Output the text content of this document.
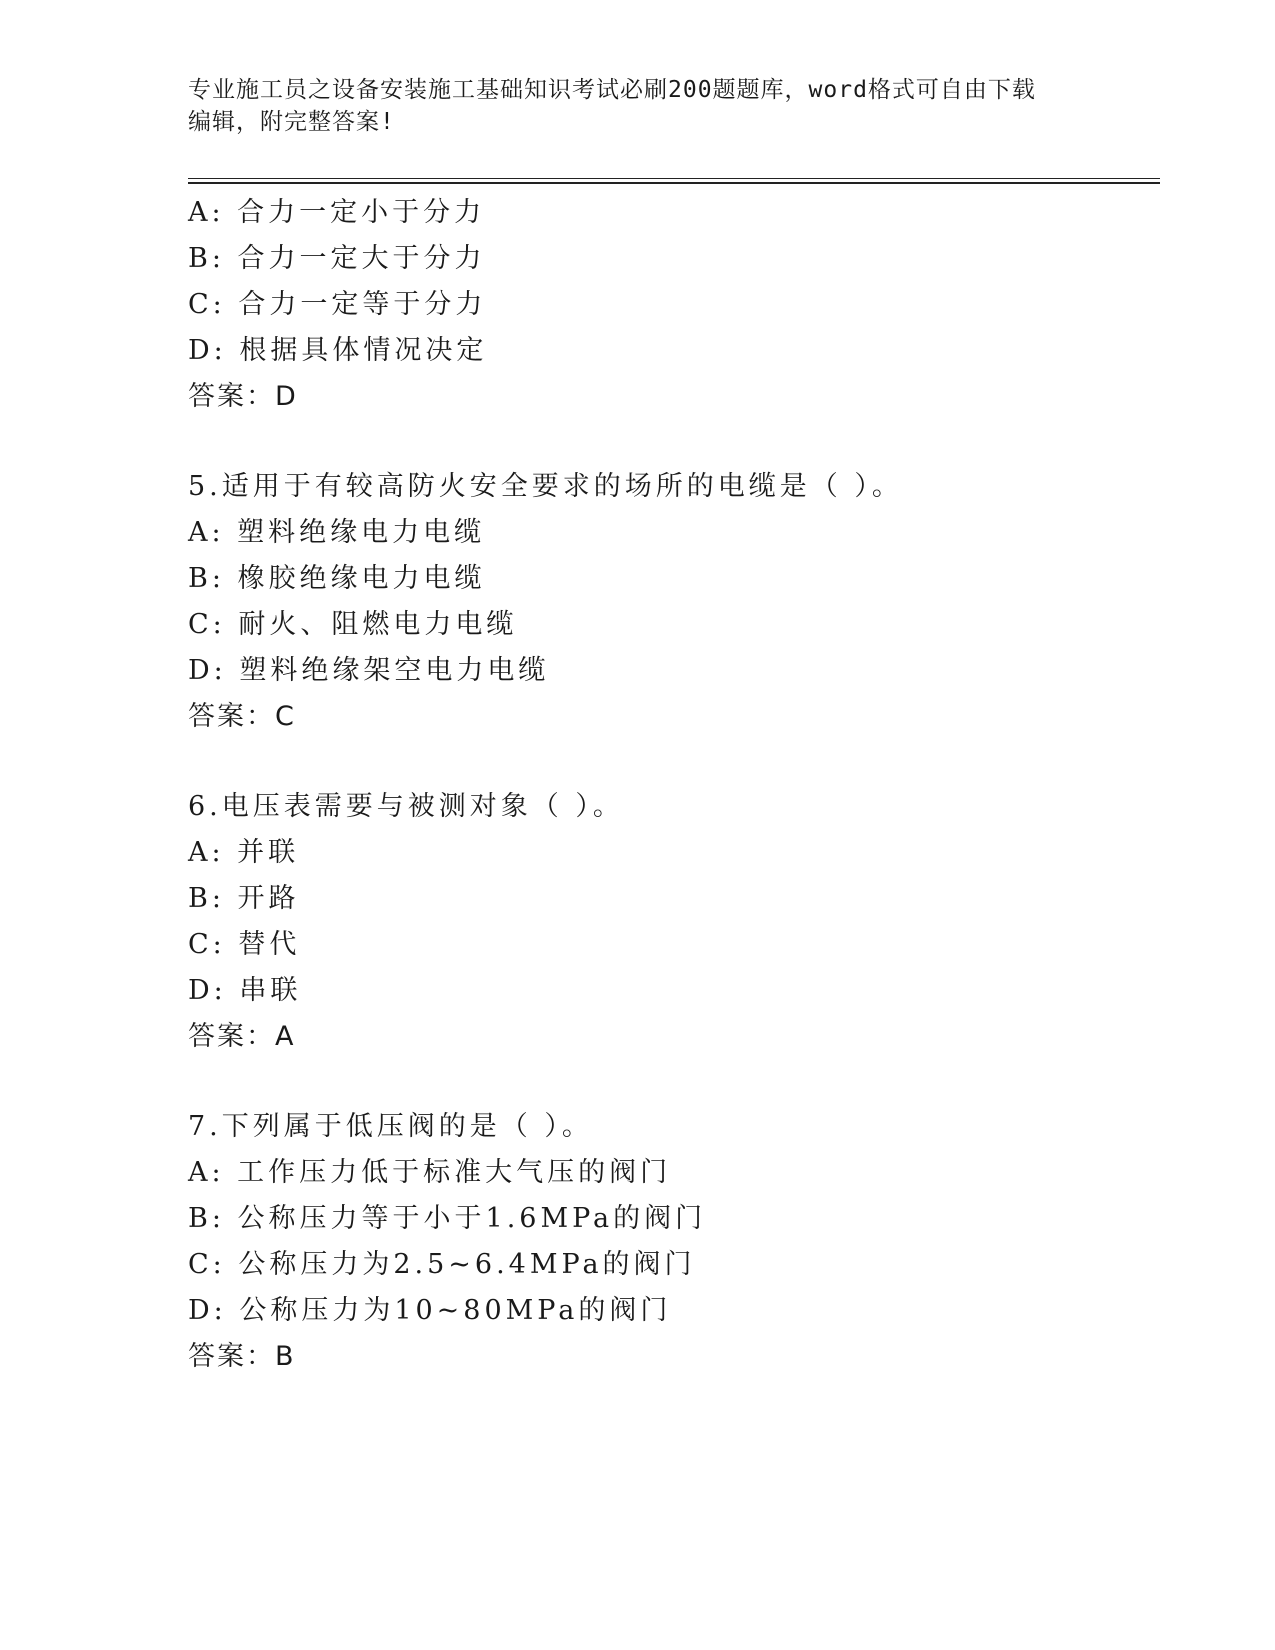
专业施工员之设备安装施工基础知识考试必刷200题题库，word格式可自由下载
编辑，附完整答案!
A: 合力一定小于分力
B: 合力一定大于分力
C: 合力一定等于分力
D: 根据具体情况决定
答案：D
5.适用于有较高防火安全要求的场所的电缆是（ ）。
A: 塑料绝缘电力电缆
B: 橡胶绝缘电力电缆
C: 耐火、阻燃电力电缆
D: 塑料绝缘架空电力电缆
答案：C
6.电压表需要与被测对象（ ）。
A: 并联
B: 开路
C: 替代
D: 串联
答案：A
7.下列属于低压阀的是（ ）。
A: 工作压力低于标准大气压的阀门
B: 公称压力等于小于1.6MPa的阀门
C: 公称压力为2.5~6.4MPa的阀门
D: 公称压力为10~80MPa的阀门
答案：B
